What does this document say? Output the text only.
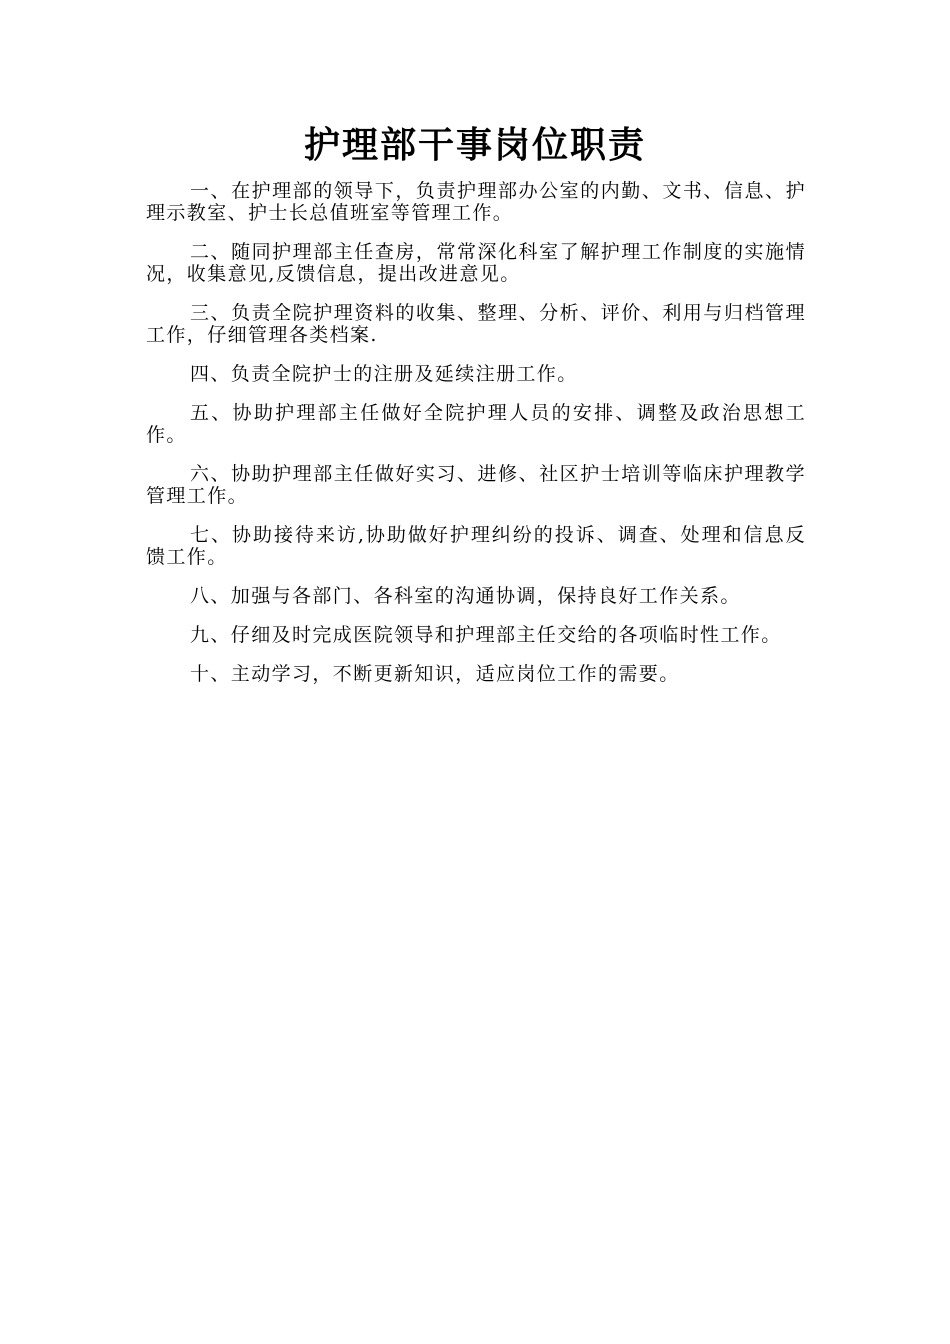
护理部干事岗位职责

一、在护理部的领导下，负责护理部办公室的内勤、文书、信息、护理示教室、护士长总值班室等管理工作。

二、随同护理部主任查房，常常深化科室了解护理工作制度的实施情况，收集意见,反馈信息，提出改进意见。

三、负责全院护理资料的收集、整理、分析、评价、利用与归档管理工作，仔细管理各类档案.

四、负责全院护士的注册及延续注册工作。

五、协助护理部主任做好全院护理人员的安排、调整及政治思想工作。

六、协助护理部主任做好实习、进修、社区护士培训等临床护理教学管理工作。

七、协助接待来访,协助做好护理纠纷的投诉、调查、处理和信息反馈工作。

八、加强与各部门、各科室的沟通协调，保持良好工作关系。

九、仔细及时完成医院领导和护理部主任交给的各项临时性工作。

十、主动学习，不断更新知识，适应岗位工作的需要。
